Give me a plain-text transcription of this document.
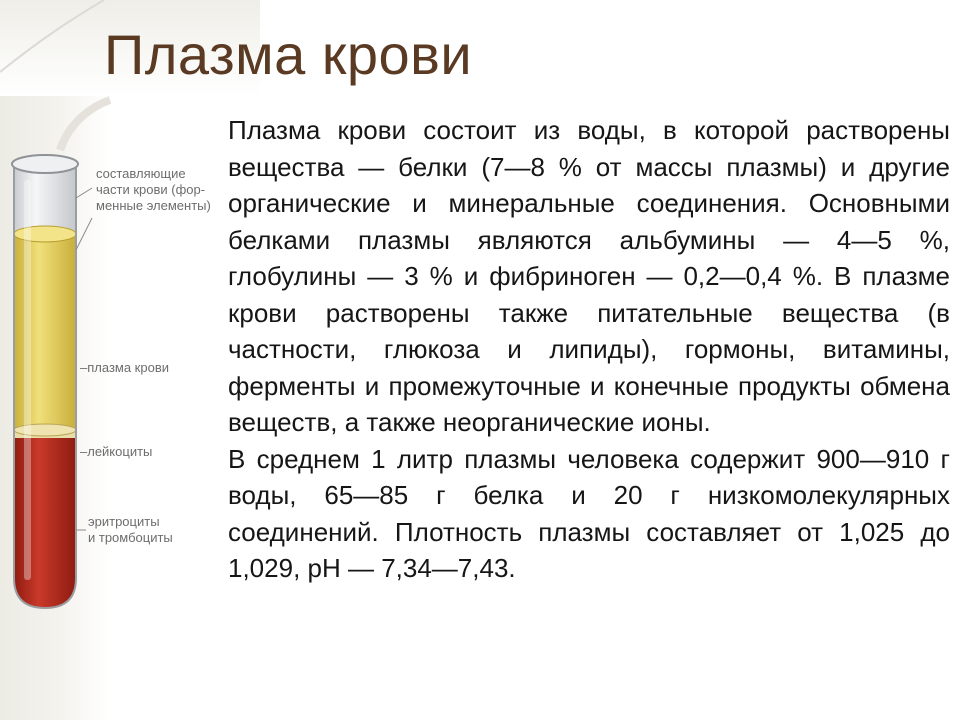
Плазма крови
составляющие
части крови (фор-
менные элементы)
–плазма крови
–лейкоциты
эритроциты
и тромбоциты

Плазма крови состоит из воды, в которой растворены вещества — белки (7—8 % от массы плазмы) и другие органические и минеральные соединения. Основными белками плазмы являются альбумины — 4—5 %, глобулины — 3 % и фибриноген — 0,2—0,4 %. В плазме крови растворены также питательные вещества (в частности, глюкоза и липиды), гормоны, витамины, ферменты и промежуточные и конечные продукты обмена веществ, а также неорганические ионы.

В среднем 1 литр плазмы человека содержит 900—910 г воды, 65—85 г белка и 20 г низкомолекулярных соединений. Плотность плазмы составляет от 1,025 до 1,029, pH — 7,34—7,43.
